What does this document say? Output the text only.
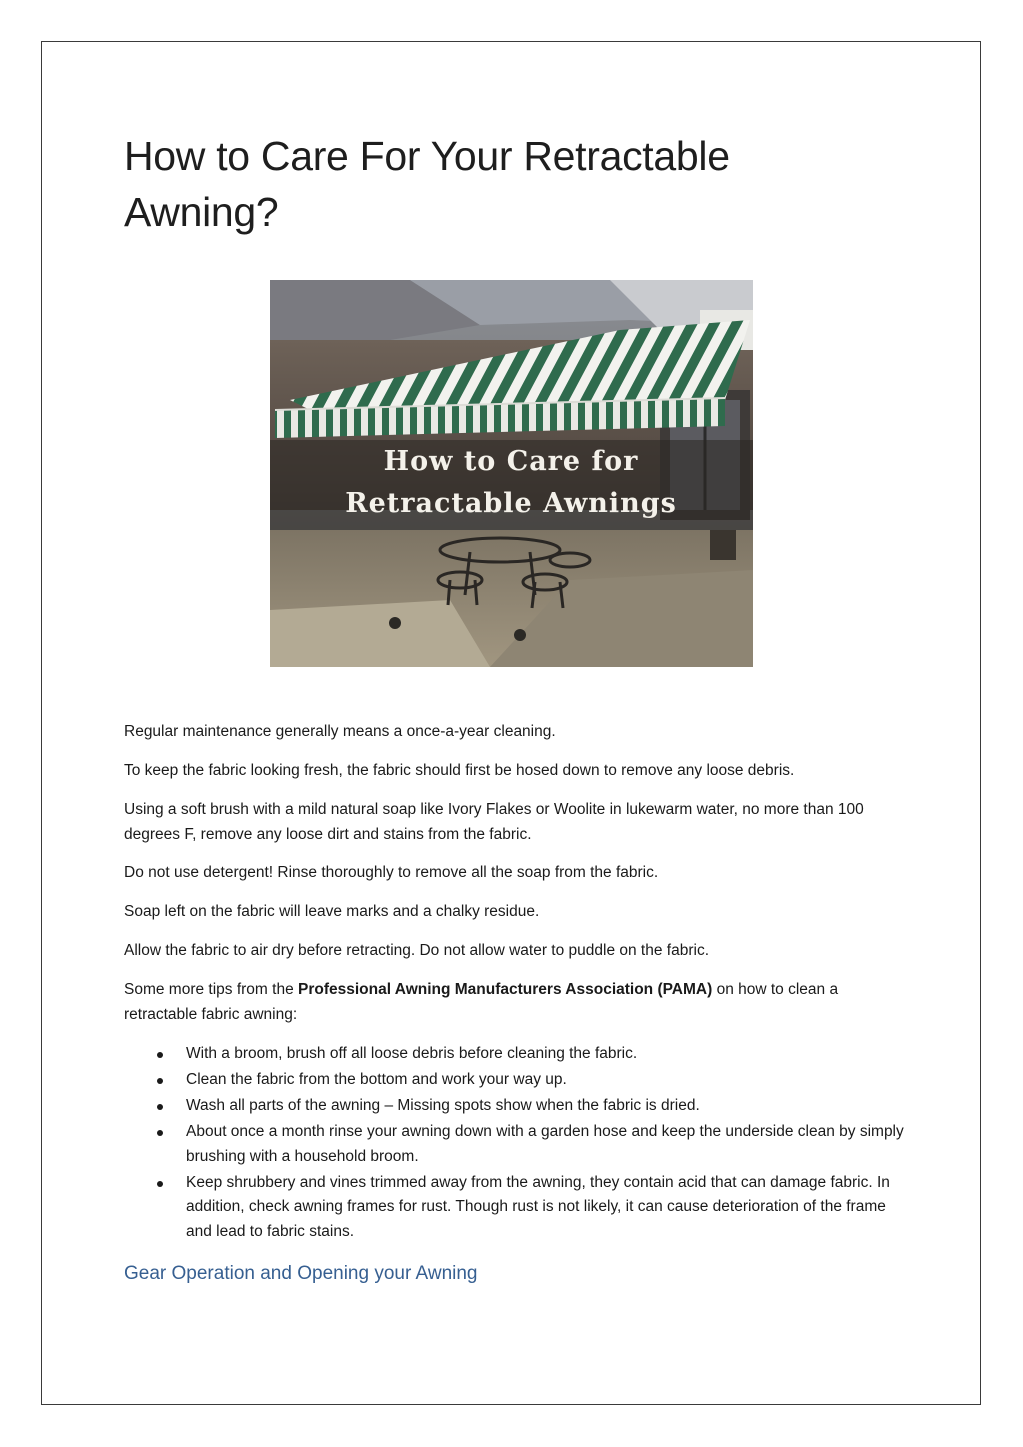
How to Care For Your Retractable Awning?
How to Care for
Retractable Awnings

Regular maintenance generally means a once-a-year cleaning.

To keep the fabric looking fresh, the fabric should first be hosed down to remove any loose debris.

Using a soft brush with a mild natural soap like Ivory Flakes or Woolite in lukewarm water, no more than 100 degrees F, remove any loose dirt and stains from the fabric.

Do not use detergent! Rinse thoroughly to remove all the soap from the fabric.

Soap left on the fabric will leave marks and a chalky residue.

Allow the fabric to air dry before retracting. Do not allow water to puddle on the fabric.

Some more tips from the Professional Awning Manufacturers Association (PAMA) on how to clean a retractable fabric awning:

With a broom, brush off all loose debris before cleaning the fabric.
Clean the fabric from the bottom and work your way up.
Wash all parts of the awning – Missing spots show when the fabric is dried.
About once a month rinse your awning down with a garden hose and keep the underside clean by simply brushing with a household broom.
Keep shrubbery and vines trimmed away from the awning, they contain acid that can damage fabric. In addition, check awning frames for rust. Though rust is not likely, it can cause deterioration of the frame and lead to fabric stains.
Gear Operation and Opening your Awning
